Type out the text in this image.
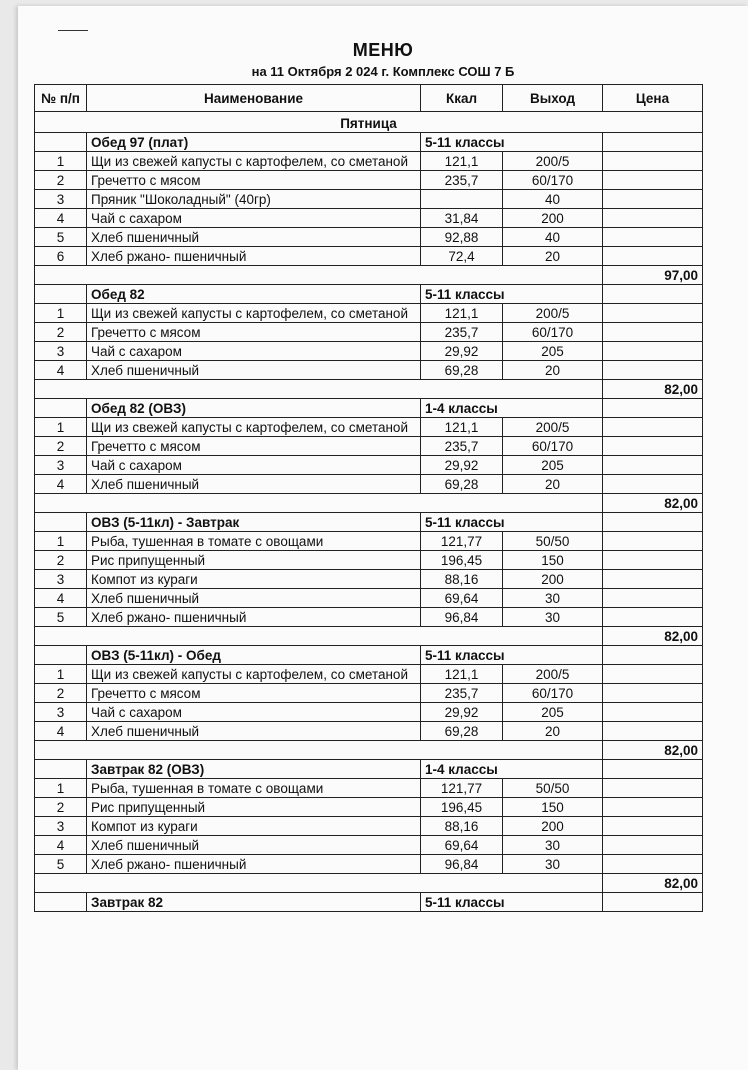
МЕНЮ
на 11 Октября 2 024 г. Комплекс СОШ 7 Б
№ п/п	Наименование	Ккал	Выход	Цена
Пятница				
	Обед 97 (плат)	5-11 классы		
1	Щи из свежей капусты с картофелем, со сметаной	121,1	200/5	
2	Гречетто с мясом	235,7	60/170	
3	Пряник "Шоколадный" (40гр)		40	
4	Чай с сахаром	31,84	200	
5	Хлеб пшеничный	92,88	40	
6	Хлеб ржано- пшеничный	72,4	20	
				97,00
	Обед 82	5-11 классы		
1	Щи из свежей капусты с картофелем, со сметаной	121,1	200/5	
2	Гречетто с мясом	235,7	60/170	
3	Чай с сахаром	29,92	205	
4	Хлеб пшеничный	69,28	20	
				82,00
	Обед 82 (ОВЗ)	1-4 классы		
1	Щи из свежей капусты с картофелем, со сметаной	121,1	200/5	
2	Гречетто с мясом	235,7	60/170	
3	Чай с сахаром	29,92	205	
4	Хлеб пшеничный	69,28	20	
				82,00
	ОВЗ (5-11кл) - Завтрак	5-11 классы		
1	Рыба, тушенная в томате с овощами	121,77	50/50	
2	Рис припущенный	196,45	150	
3	Компот из кураги	88,16	200	
4	Хлеб пшеничный	69,64	30	
5	Хлеб ржано- пшеничный	96,84	30	
				82,00
	ОВЗ (5-11кл) - Обед	5-11 классы		
1	Щи из свежей капусты с картофелем, со сметаной	121,1	200/5	
2	Гречетто с мясом	235,7	60/170	
3	Чай с сахаром	29,92	205	
4	Хлеб пшеничный	69,28	20	
				82,00
	Завтрак 82 (ОВЗ)	1-4 классы		
1	Рыба, тушенная в томате с овощами	121,77	50/50	
2	Рис припущенный	196,45	150	
3	Компот из кураги	88,16	200	
4	Хлеб пшеничный	69,64	30	
5	Хлеб ржано- пшеничный	96,84	30	
				82,00
	Завтрак 82	5-11 классы		
